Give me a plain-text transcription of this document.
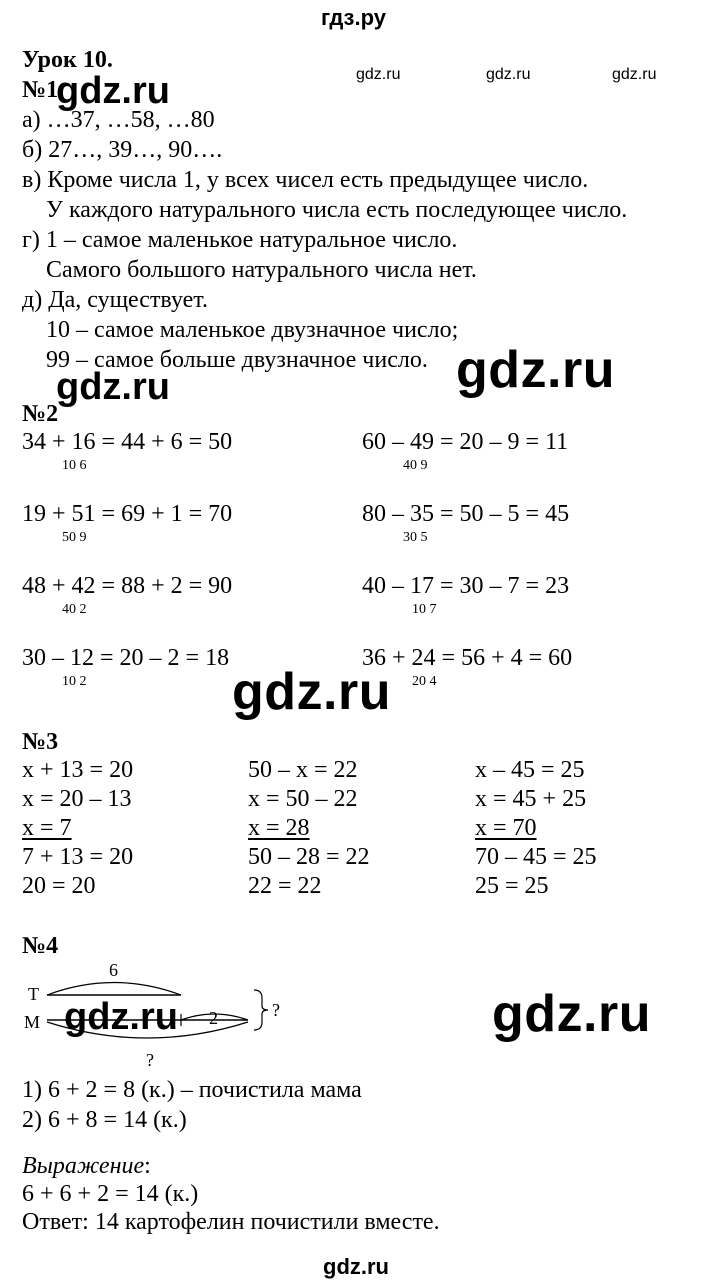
гдз.ру
Урок 10.
gdz.ru	gdz.ru	gdz.ru
№1
gdz.ru
а) …37, …58, …80
б) 27…, 39…, 90….
в) Кроме числа 1, у всех чисел есть предыдущее число.
У каждого натурального числа есть последующее число.
г) 1 – самое маленькое натуральное число.
Самого большого натурального числа нет.
д) Да, существует.
10 – самое маленькое двузначное число;
99 – самое больше двузначное число. gdz.ru
gdz.ru
№2
34 + 16 = 44 + 6 = 50
10 6
60 – 49 = 20 – 9 = 11
40 9
19 + 51 = 69 + 1 = 70
50 9
80 – 35 = 50 – 5 = 45
30 5
48 + 42 = 88 + 2 = 90
40 2
40 – 17 = 30 – 7 = 23
10 7
30 – 12 = 20 – 2 = 18
10 2
36 + 24 = 56 + 4 = 60
20 4
gdz.ru
№3
x + 13 = 20
x = 20 – 13
x = 7
7 + 13 = 20
20 = 20
50 – x = 22
x = 50 – 22
x = 28
50 – 28 = 22
22 = 22
x – 45 = 25
x = 45 + 25
x = 70
70 – 45 = 25
25 = 25
№4
Т
М
6
2	?
?
gdz.ru	gdz.ru
1) 6 + 2 = 8 (к.) – почистила мама
2) 6 + 8 = 14 (к.)
Выражение:
6 + 6 + 2 = 14 (к.)
Ответ: 14 картофелин почистили вместе.
gdz.ru
